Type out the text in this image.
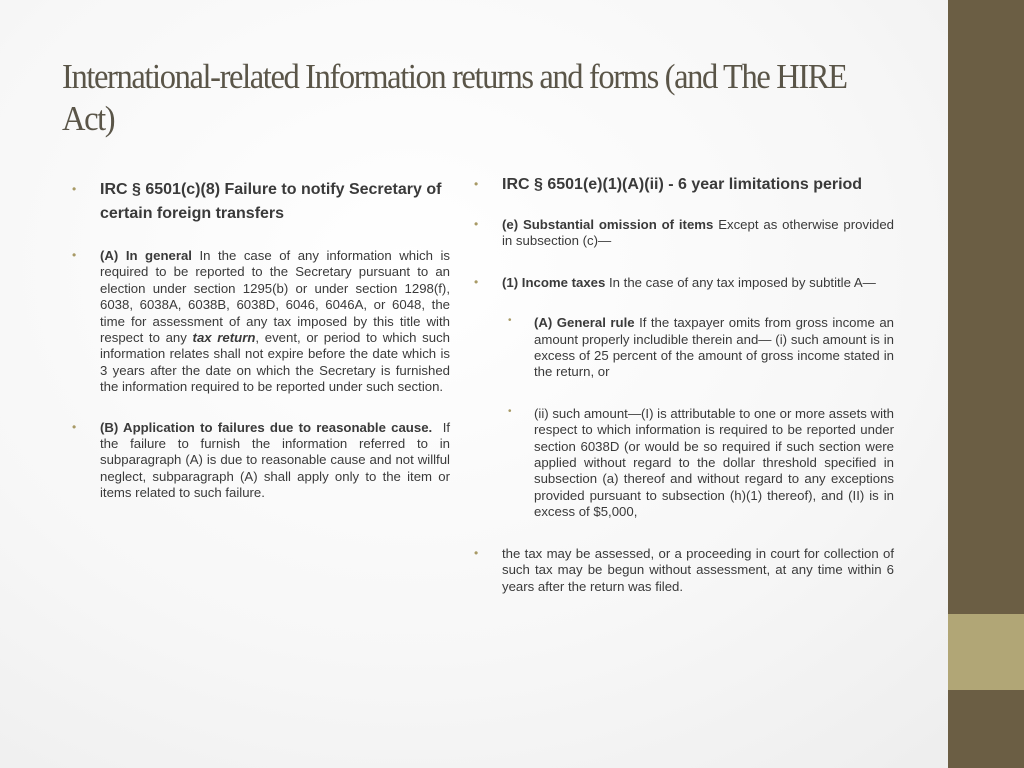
International-related Information returns and forms (and The HIRE Act)
• IRC § 6501(c)(8) Failure to notify Secretary of certain foreign transfers
• (A) In general In the case of any information which is required to be reported to the Secretary pursuant to an election under section 1295(b) or under section 1298(f), 6038, 6038A, 6038B, 6038D, 6046, 6046A, or 6048, the time for assessment of any tax imposed by this title with respect to any tax return, event, or period to which such information relates shall not expire before the date which is 3 years after the date on which the Secretary is furnished the information required to be reported under such section.
• (B) Application to failures due to reasonable cause. If the failure to furnish the information referred to in subparagraph (A) is due to reasonable cause and not willful neglect, subparagraph (A) shall apply only to the item or items related to such failure.
• IRC § 6501(e)(1)(A)(ii) - 6 year limitations period
• (e) Substantial omission of items Except as otherwise provided in subsection (c)—
• (1) Income taxes In the case of any tax imposed by subtitle A—
• (A) General rule If the taxpayer omits from gross income an amount properly includible therein and— (i) such amount is in excess of 25 percent of the amount of gross income stated in the return, or
• (ii) such amount—(I) is attributable to one or more assets with respect to which information is required to be reported under section 6038D (or would be so required if such section were applied without regard to the dollar threshold specified in subsection (a) thereof and without regard to any exceptions provided pursuant to subsection (h)(1) thereof), and (II) is in excess of $5,000,
• the tax may be assessed, or a proceeding in court for collection of such tax may be begun without assessment, at any time within 6 years after the return was filed.
